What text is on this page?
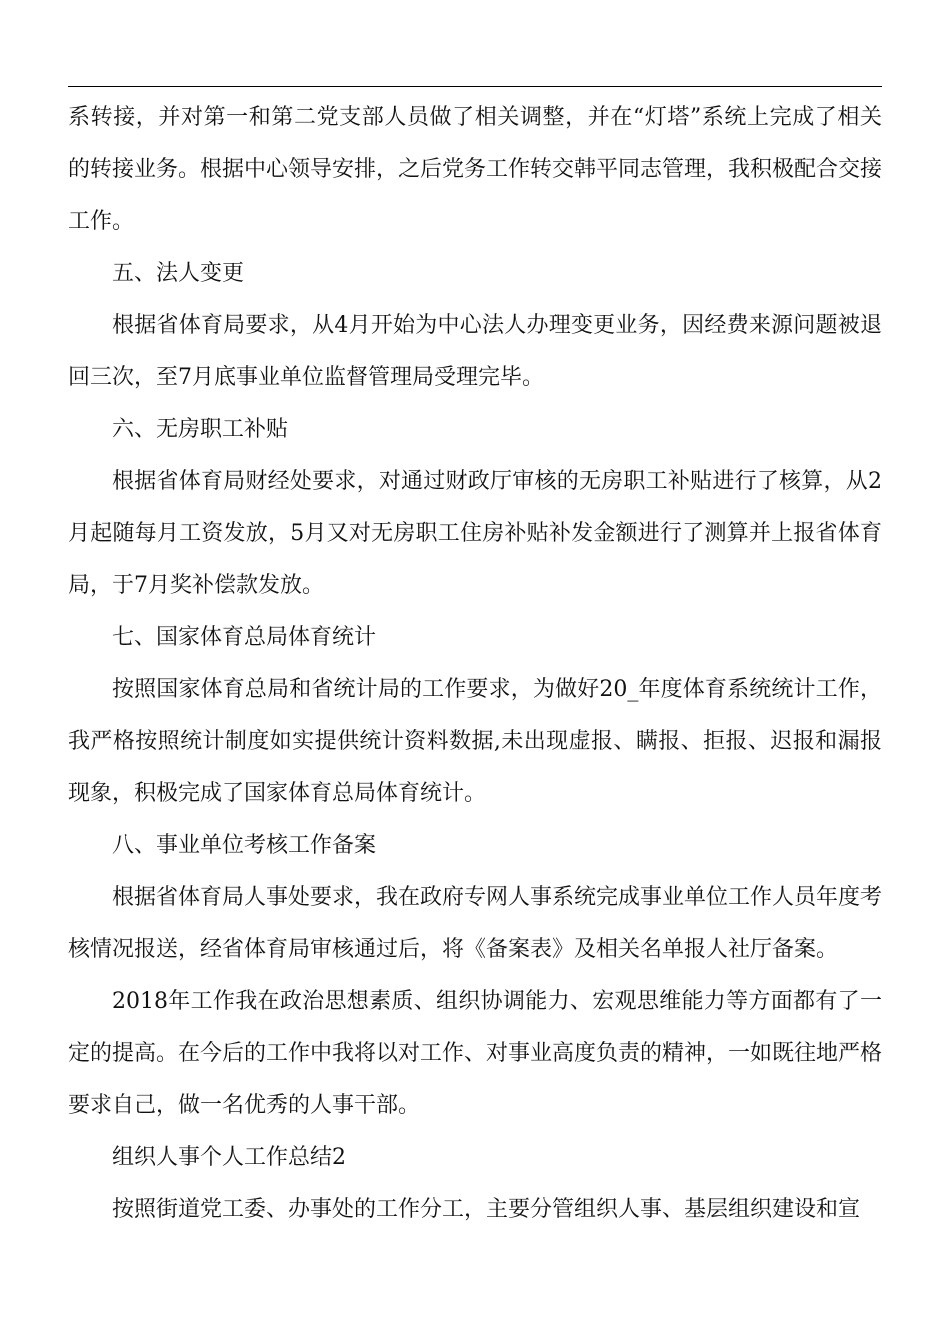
系转接，并对第一和第二党支部人员做了相关调整，并在“灯塔”系统上完成了相关的转接业务。根据中心领导安排，之后党务工作转交韩平同志管理，我积极配合交接工作。

五、法人变更

根据省体育局要求，从4月开始为中心法人办理变更业务，因经费来源问题被退回三次，至7月底事业单位监督管理局受理完毕。

六、无房职工补贴

根据省体育局财经处要求，对通过财政厅审核的无房职工补贴进行了核算，从2月起随每月工资发放，5月又对无房职工住房补贴补发金额进行了测算并上报省体育局，于7月奖补偿款发放。

七、国家体育总局体育统计

按照国家体育总局和省统计局的工作要求，为做好20_年度体育系统统计工作，我严格按照统计制度如实提供统计资料数据,未出现虚报、瞒报、拒报、迟报和漏报现象，积极完成了国家体育总局体育统计。

八、事业单位考核工作备案

根据省体育局人事处要求，我在政府专网人事系统完成事业单位工作人员年度考核情况报送，经省体育局审核通过后，将《备案表》及相关名单报人社厅备案。

2018年工作我在政治思想素质、组织协调能力、宏观思维能力等方面都有了一定的提高。在今后的工作中我将以对工作、对事业高度负责的精神，一如既往地严格要求自己，做一名优秀的人事干部。

组织人事个人工作总结2

按照街道党工委、办事处的工作分工，主要分管组织人事、基层组织建设和宣
